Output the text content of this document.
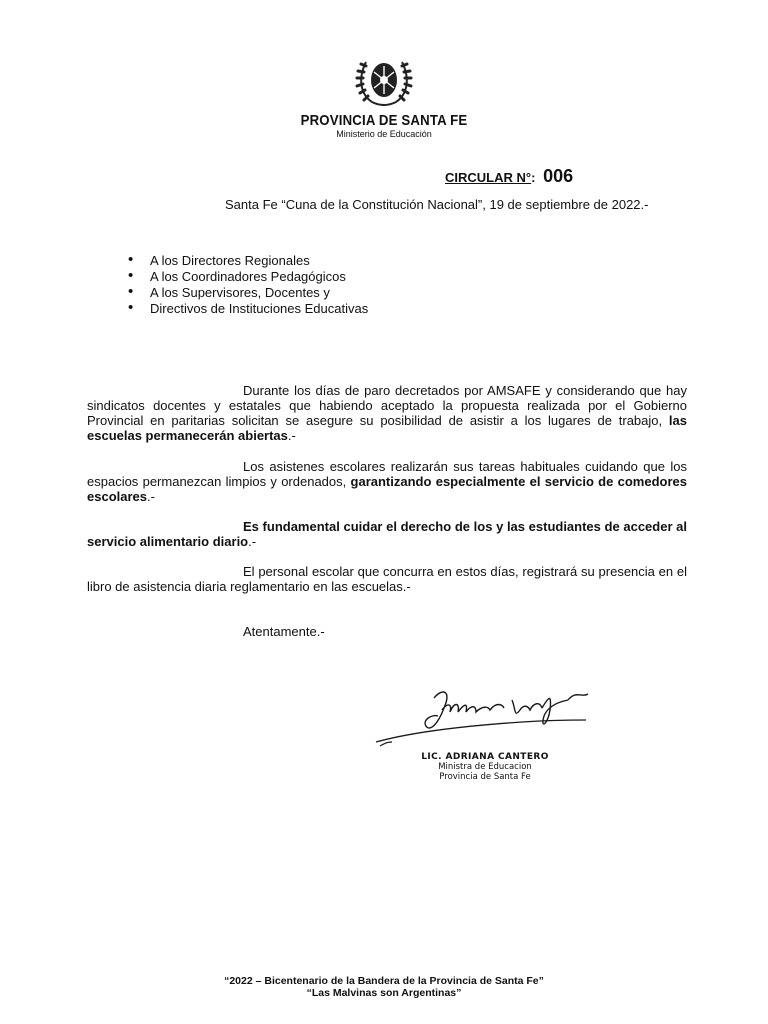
PROVINCIA DE SANTA FE
Ministerio de Educación
CIRCULAR N°: 006
Santa Fe “Cuna de la Constitución Nacional”, 19 de septiembre de 2022.-
• A los Directores Regionales
• A los Coordinadores Pedagógicos
• A los Supervisores, Docentes y
• Directivos de Instituciones Educativas
Durante los días de paro decretados por AMSAFE y considerando que hay sindicatos docentes y estatales que habiendo aceptado la propuesta realizada por el Gobierno Provincial en paritarias solicitan se asegure su posibilidad de asistir a los lugares de trabajo, las escuelas permanecerán abiertas.-
Los asistenes escolares realizarán sus tareas habituales cuidando que los espacios permanezcan limpios y ordenados, garantizando especialmente el servicio de comedores escolares.-
Es fundamental cuidar el derecho de los y las estudiantes de acceder al servicio alimentario diario.-
El personal escolar que concurra en estos días, registrará su presencia en el libro de asistencia diaria reglamentario en las escuelas.-
Atentamente.-
LIC. ADRIANA CANTERO
Ministra de Educacion
Provincia de Santa Fe
“2022 – Bicentenario de la Bandera de la Provincia de Santa Fe”
“Las Malvinas son Argentinas”
